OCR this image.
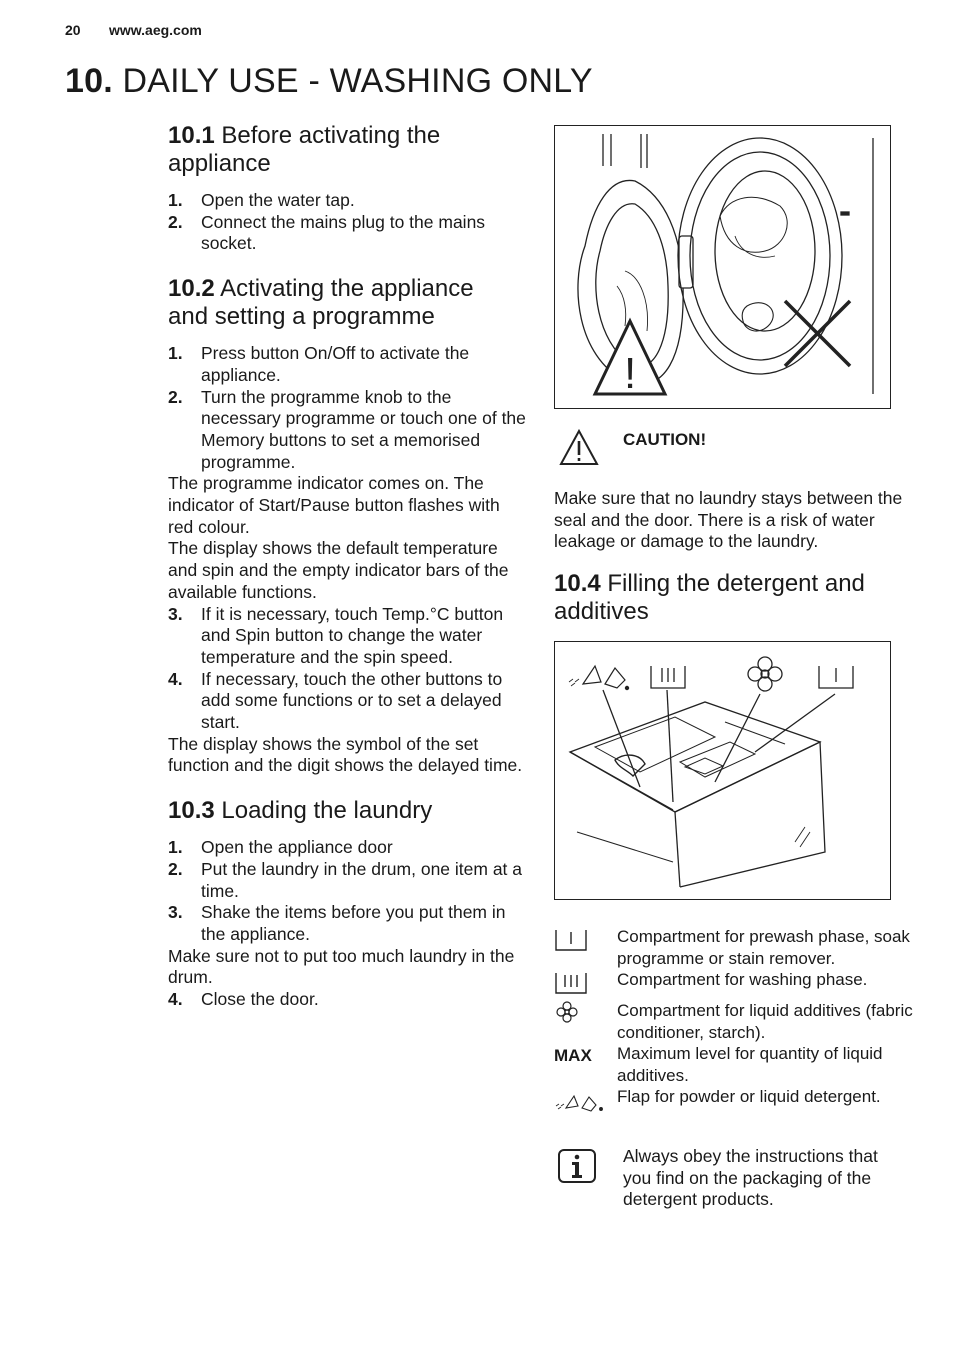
20 www.aeg.com
10. DAILY USE - WASHING ONLY
10.1 Before activating the
appliance
1. Open the water tap.
2. Connect the mains plug to the mains socket.
10.2 Activating the appliance
and setting a programme
1. Press button On/Off to activate the appliance.
2. Turn the programme knob to the necessary programme or touch one of the Memory buttons to set a memorised programme.

The programme indicator comes on. The indicator of Start/Pause button flashes with red colour.

The display shows the default temperature and spin and the empty indicator bars of the available functions.

3. If it is necessary, touch Temp.°C button and Spin button to change the water temperature and the spin speed.
4. If necessary, touch the other buttons to add some functions or to set a delayed start.

The display shows the symbol of the set function and the digit shows the delayed time.

10.3 Loading the laundry
1. Open the appliance door
2. Put the laundry in the drum, one item at a time.
3. Shake the items before you put them in the appliance.

Make sure not to put too much laundry in the drum.

4. Close the door.
!
CAUTION!
Make sure that no laundry stays between the seal and the door. There is a risk of water leakage or damage to the laundry.
10.4 Filling the detergent and
additives
Compartment for prewash phase, soak programme or stain remover.
Compartment for washing phase.
Compartment for liquid additives (fabric conditioner, starch).
MAX	Maximum level for quantity of liquid additives.
Flap for powder or liquid detergent.
Always obey the instructions that you find on the packaging of the detergent products.
